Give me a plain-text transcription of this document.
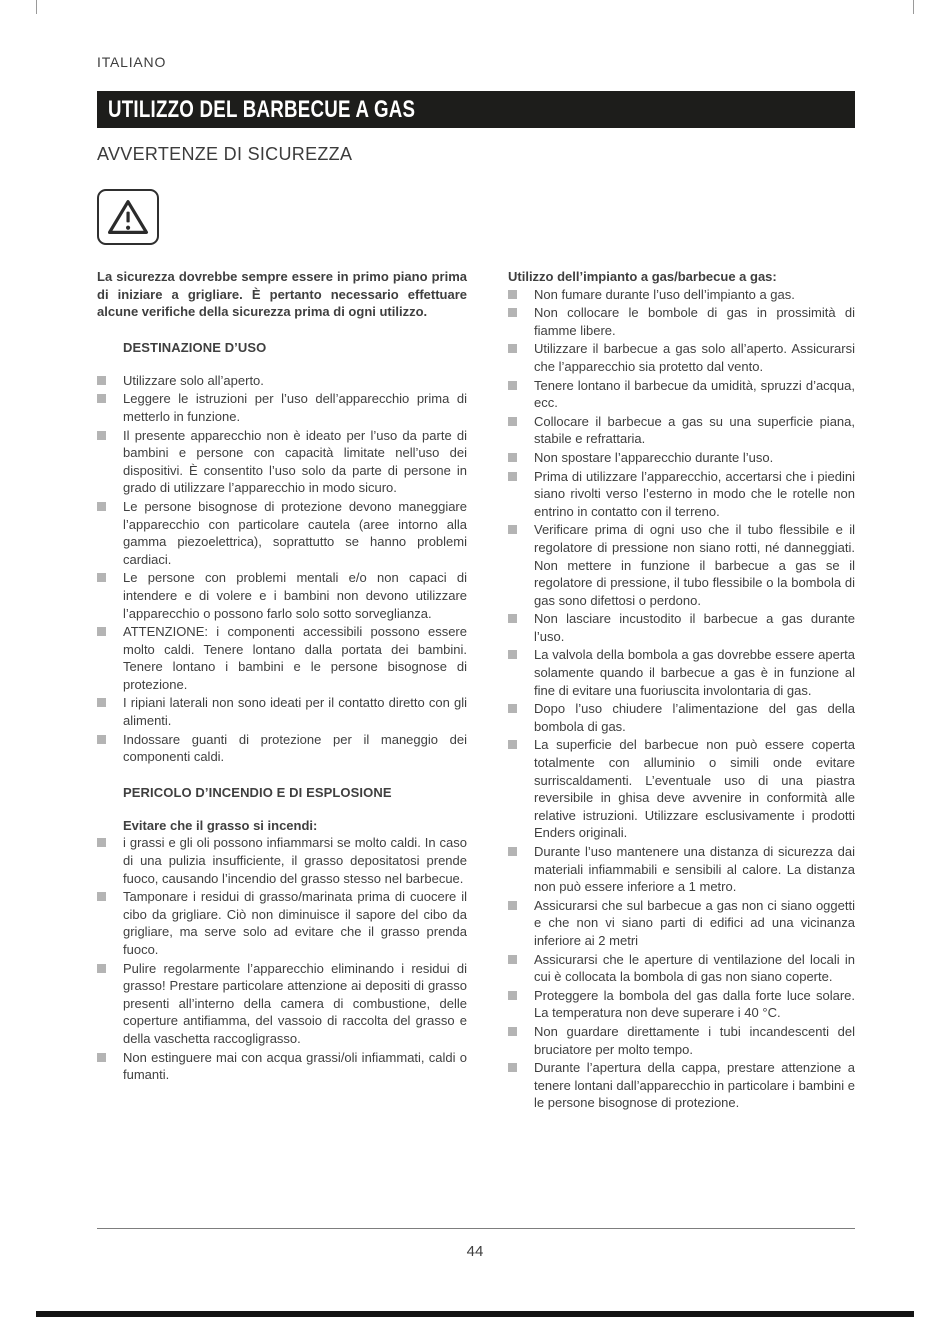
ITALIANO
UTILIZZO DEL BARBECUE A GAS
AVVERTENZE DI SICUREZZA

La sicurezza dovrebbe sempre essere in primo piano prima di iniziare a grigliare. È pertanto necessario effettuare alcune verifiche della sicurezza prima di ogni utilizzo.

DESTINAZIONE D’USO
Utilizzare solo all’aperto.
Leggere le istruzioni per l’uso dell’apparecchio prima di metterlo in funzione.
Il presente apparecchio non è ideato per l’uso da parte di bambini e persone con capacità limitate nell’uso dei dispositivi. È consentito l’uso solo da parte di persone in grado di utilizzare l’apparecchio in modo sicuro.
Le persone bisognose di protezione devono maneggiare l’apparecchio con particolare cautela (aree intorno alla gamma piezoelettrica), soprattutto se hanno problemi cardiaci.
Le persone con problemi mentali e/o non capaci di intendere e di volere e i bambini non devono utilizzare l’apparecchio o possono farlo solo sotto sorveglianza.
ATTENZIONE: i componenti accessibili possono essere molto caldi. Tenere lontano dalla portata dei bambini. Tenere lontano i bambini e le persone bisognose di protezione.
I ripiani laterali non sono ideati per il contatto diretto con gli alimenti.
Indossare guanti di protezione per il maneggio dei componenti caldi.
PERICOLO D’INCENDIO E DI ESPLOSIONE

Evitare che il grasso si incendi:

i grassi e gli oli possono infiammarsi se molto caldi. In caso di una pulizia insufficiente, il grasso depositatosi prende fuoco, causando l’incendio del grasso stesso nel barbecue.
Tamponare i residui di grasso/marinata prima di cuocere il cibo da grigliare. Ciò non diminuisce il sapore del cibo da grigliare, ma serve solo ad evitare che il grasso prenda fuoco.
Pulire regolarmente l’apparecchio eliminando i residui di grasso! Prestare particolare attenzione ai depositi di grasso presenti all’interno della camera di combustione, delle coperture antifiamma, del vassoio di raccolta del grasso e della vaschetta raccogligrasso.
Non estinguere mai con acqua grassi/oli infiammati, caldi o fumanti.

Utilizzo dell’impianto a gas/barbecue a gas:

Non fumare durante l’uso dell’impianto a gas.
Non collocare le bombole di gas in prossimità di fiamme libere.
Utilizzare il barbecue a gas solo all’aperto. Assicurarsi che l’apparecchio sia protetto dal vento.
Tenere lontano il barbecue da umidità, spruzzi d’acqua, ecc.
Collocare il barbecue a gas su una superficie piana, stabile e refrattaria.
Non spostare l’apparecchio durante l’uso.
Prima di utilizzare l’apparecchio, accertarsi che i piedini siano rivolti verso l’esterno in modo che le rotelle non entrino in contatto con il terreno.
Verificare prima di ogni uso che il tubo flessibile e il regolatore di pressione non siano rotti, né danneggiati. Non mettere in funzione il barbecue a gas se il regolatore di pressione, il tubo flessibile o la bombola di gas sono difettosi o perdono.
Non lasciare incustodito il barbecue a gas durante l’uso.
La valvola della bombola a gas dovrebbe essere aperta solamente quando il barbecue a gas è in funzione al fine di evitare una fuoriuscita involontaria di gas.
Dopo l’uso chiudere l’alimentazione del gas della bombola di gas.
La superficie del barbecue non può essere coperta totalmente con alluminio o simili onde evitare surriscaldamenti. L’eventuale uso di una piastra reversibile in ghisa deve avvenire in conformità alle relative istruzioni. Utilizzare esclusivamente i prodotti Enders originali.
Durante l’uso mantenere una distanza di sicurezza dai materiali infiammabili e sensibili al calore. La distanza non può essere inferiore a 1 metro.
Assicurarsi che sul barbecue a gas non ci siano oggetti e che non vi siano parti di edifici ad una vicinanza inferiore ai 2 metri
Assicurarsi che le aperture di ventilazione del locali in cui è collocata la bombola di gas non siano coperte.
Proteggere la bombola del gas dalla forte luce solare. La temperatura non deve superare i 40 °C.
Non guardare direttamente i tubi incandescenti del bruciatore per molto tempo.
Durante l’apertura della cappa, prestare attenzione a tenere lontani dall’apparecchio in particolare i bambini e le persone bisognose di protezione.
44
